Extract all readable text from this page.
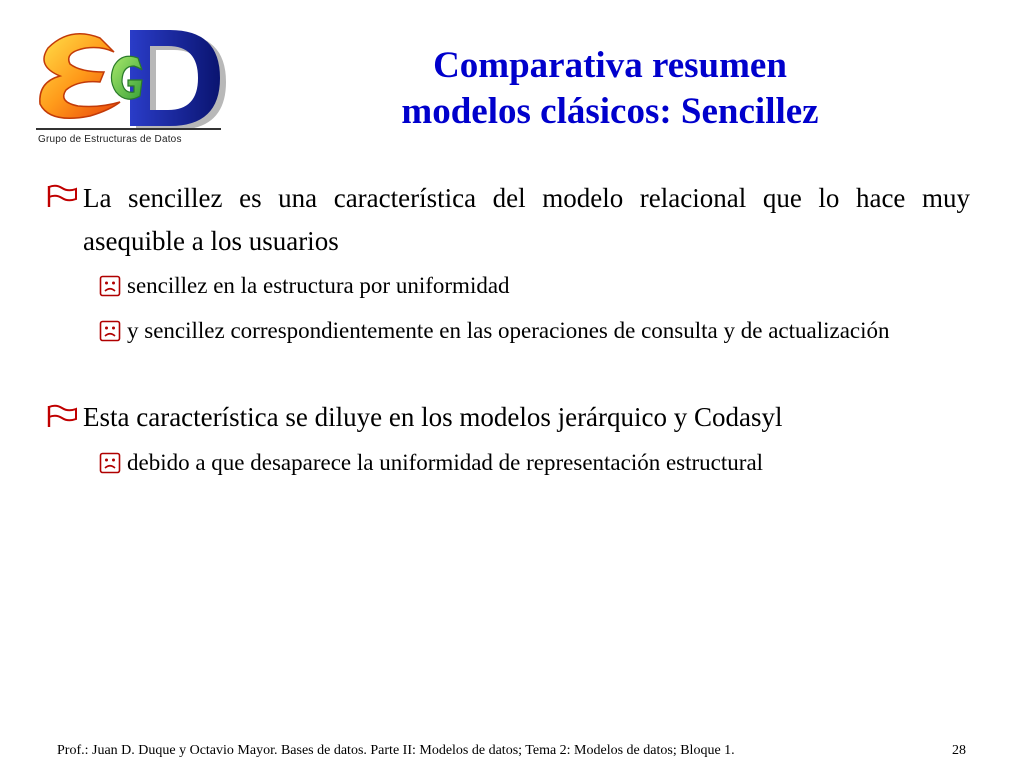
Grupo de Estructuras de Datos
Comparativa resumen
modelos clásicos: Sencillez
La sencillez es una característica del modelo relacional que lo hace muy asequible a los usuarios
sencillez en la estructura por uniformidad
y sencillez correspondientemente en las operaciones de consulta y de actualización
Esta característica se diluye en los modelos jerárquico y Codasyl
debido a que desaparece la uniformidad de representación estructural
Prof.: Juan D. Duque y Octavio Mayor. Bases de datos. Parte II: Modelos de datos; Tema 2: Modelos de datos; Bloque 1.	28
